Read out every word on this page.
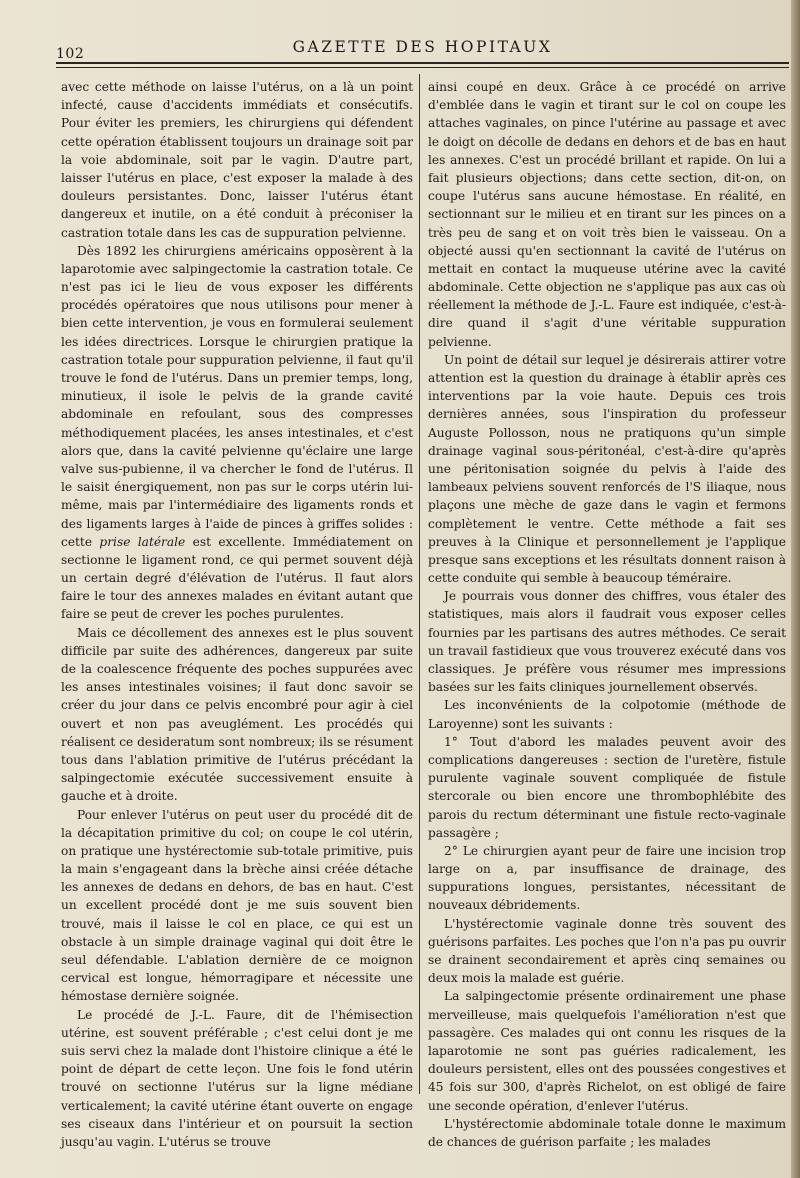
102	GAZETTE DES HOPITAUX

avec cette méthode on laisse l'utérus, on a là un point infecté, cause d'accidents immédiats et consécutifs. Pour éviter les premiers, les chirurgiens qui défendent cette opération établissent toujours un drainage soit par la voie abdominale, soit par le vagin. D'autre part, laisser l'utérus en place, c'est exposer la malade à des douleurs persistantes. Donc, laisser l'utérus étant dangereux et inutile, on a été conduit à préconiser la castration totale dans les cas de suppuration pelvienne.

Dès 1892 les chirurgiens américains opposèrent à la laparotomie avec salpingectomie la castration totale. Ce n'est pas ici le lieu de vous exposer les différents procédés opératoires que nous utilisons pour mener à bien cette intervention, je vous en formulerai seulement les idées directrices. Lorsque le chirurgien pratique la castration totale pour suppuration pelvienne, il faut qu'il trouve le fond de l'utérus. Dans un premier temps, long, minutieux, il isole le pelvis de la grande cavité abdominale en refoulant, sous des compresses méthodiquement placées, les anses intestinales, et c'est alors que, dans la cavité pelvienne qu'éclaire une large valve sus-pubienne, il va chercher le fond de l'utérus. Il le saisit énergiquement, non pas sur le corps utérin lui-même, mais par l'intermédiaire des ligaments ronds et des ligaments larges à l'aide de pinces à griffes solides : cette prise latérale est excellente. Immédiatement on sectionne le ligament rond, ce qui permet souvent déjà un certain degré d'élévation de l'utérus. Il faut alors faire le tour des annexes malades en évitant autant que faire se peut de crever les poches purulentes.

Mais ce décollement des annexes est le plus souvent difficile par suite des adhérences, dangereux par suite de la coalescence fréquente des poches suppurées avec les anses intestinales voisines; il faut donc savoir se créer du jour dans ce pelvis encombré pour agir à ciel ouvert et non pas aveuglément. Les procédés qui réalisent ce desideratum sont nombreux; ils se résument tous dans l'ablation primitive de l'utérus précédant la salpingectomie exécutée successivement ensuite à gauche et à droite.

Pour enlever l'utérus on peut user du procédé dit de la décapitation primitive du col; on coupe le col utérin, on pratique une hystérectomie sub-totale primitive, puis la main s'engageant dans la brèche ainsi créée détache les annexes de dedans en dehors, de bas en haut. C'est un excellent procédé dont je me suis souvent bien trouvé, mais il laisse le col en place, ce qui est un obstacle à un simple drainage vaginal qui doit être le seul défendable. L'ablation dernière de ce moignon cervical est longue, hémorragipare et nécessite une hémostase dernière soignée.

Le procédé de J.-L. Faure, dit de l'hémisection utérine, est souvent préférable ; c'est celui dont je me suis servi chez la malade dont l'histoire clinique a été le point de départ de cette leçon. Une fois le fond utérin trouvé on sectionne l'utérus sur la ligne médiane verticalement; la cavité utérine étant ouverte on engage ses ciseaux dans l'intérieur et on poursuit la section jusqu'au vagin. L'utérus se trouve

ainsi coupé en deux. Grâce à ce procédé on arrive d'emblée dans le vagin et tirant sur le col on coupe les attaches vaginales, on pince l'utérine au passage et avec le doigt on décolle de dedans en dehors et de bas en haut les annexes. C'est un procédé brillant et rapide. On lui a fait plusieurs objections; dans cette section, dit-on, on coupe l'utérus sans aucune hémostase. En réalité, en sectionnant sur le milieu et en tirant sur les pinces on a très peu de sang et on voit très bien le vaisseau. On a objecté aussi qu'en sectionnant la cavité de l'utérus on mettait en contact la muqueuse utérine avec la cavité abdominale. Cette objection ne s'applique pas aux cas où réellement la méthode de J.-L. Faure est indiquée, c'est-à-dire quand il s'agit d'une véritable suppuration pelvienne.

Un point de détail sur lequel je désirerais attirer votre attention est la question du drainage à établir après ces interventions par la voie haute. Depuis ces trois dernières années, sous l'inspiration du professeur Auguste Pollosson, nous ne pratiquons qu'un simple drainage vaginal sous-péritonéal, c'est-à-dire qu'après une péritonisation soignée du pelvis à l'aide des lambeaux pelviens souvent renforcés de l'S iliaque, nous plaçons une mèche de gaze dans le vagin et fermons complètement le ventre. Cette méthode a fait ses preuves à la Clinique et personnellement je l'applique presque sans exceptions et les résultats donnent raison à cette conduite qui semble à beaucoup téméraire.

Je pourrais vous donner des chiffres, vous étaler des statistiques, mais alors il faudrait vous exposer celles fournies par les partisans des autres méthodes. Ce serait un travail fastidieux que vous trouverez exécuté dans vos classiques. Je préfère vous résumer mes impressions basées sur les faits cliniques journellement observés.

Les inconvénients de la colpotomie (méthode de Laroyenne) sont les suivants :

1° Tout d'abord les malades peuvent avoir des complications dangereuses : section de l'uretère, fistule purulente vaginale souvent compliquée de fistule stercorale ou bien encore une thrombophlébite des parois du rectum déterminant une fistule recto-vaginale passagère ;

2° Le chirurgien ayant peur de faire une incision trop large on a, par insuffisance de drainage, des suppurations longues, persistantes, nécessitant de nouveaux débridements.

L'hystérectomie vaginale donne très souvent des guérisons parfaites. Les poches que l'on n'a pas pu ouvrir se drainent secondairement et après cinq semaines ou deux mois la malade est guérie.

La salpingectomie présente ordinairement une phase merveilleuse, mais quelquefois l'amélioration n'est que passagère. Ces malades qui ont connu les risques de la laparotomie ne sont pas guéries radicalement, les douleurs persistent, elles ont des poussées congestives et 45 fois sur 300, d'après Richelot, on est obligé de faire une seconde opération, d'enlever l'utérus.

L'hystérectomie abdominale totale donne le maximum de chances de guérison parfaite ; les malades
